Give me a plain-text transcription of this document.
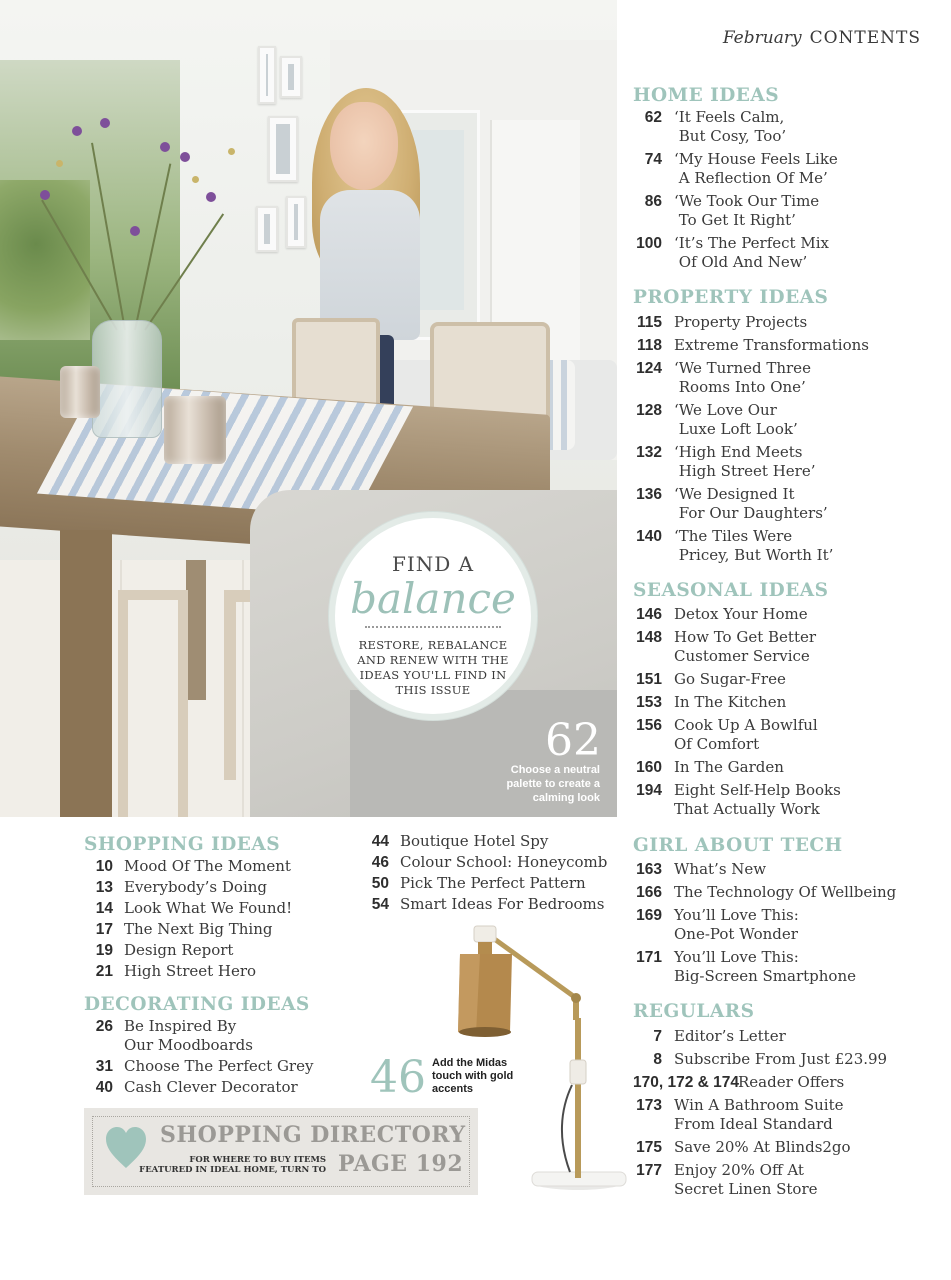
FIND A
balance
RESTORE, REBALANCE AND RENEW WITH THE IDEAS YOU'LL FIND IN THIS ISSUE
62
Choose a neutral palette to create a calming look
February CONTENTS
HOME IDEAS
62 ‘It Feels Calm,
But Cosy, Too’
74 ‘My House Feels Like
A Reflection Of Me’
86 ‘We Took Our Time
To Get It Right’
100 ‘It’s The Perfect Mix
Of Old And New’
PROPERTY IDEAS
115 Property Projects
118 Extreme Transformations
124 ‘We Turned Three
Rooms Into One’
128 ‘We Love Our
Luxe Loft Look’
132 ‘High End Meets
High Street Here’
136 ‘We Designed It
For Our Daughters’
140 ‘The Tiles Were
Pricey, But Worth It’
SEASONAL IDEAS
146 Detox Your Home
148 How To Get Better
Customer Service
151 Go Sugar-Free
153 In The Kitchen
156 Cook Up A Bowlful
Of Comfort
160 In The Garden
194 Eight Self-Help Books
That Actually Work
GIRL ABOUT TECH
163 What’s New
166 The Technology Of Wellbeing
169 You’ll Love This:
One-Pot Wonder
171 You’ll Love This:
Big-Screen Smartphone
REGULARS
7 Editor’s Letter
8 Subscribe From Just £23.99
170, 172 & 174
Reader Offers
173 Win A Bathroom Suite
From Ideal Standard
175 Save 20% At Blinds2go
177 Enjoy 20% Off At
Secret Linen Store
SHOPPING IDEAS
10 Mood Of The Moment
13 Everybody’s Doing
14 Look What We Found!
17 The Next Big Thing
19 Design Report
21 High Street Hero
44 Boutique Hotel Spy
46 Colour School: Honeycomb
50 Pick The Perfect Pattern
54 Smart Ideas For Bedrooms
DECORATING IDEAS
26 Be Inspired By
Our Moodboards
31 Choose The Perfect Grey
40 Cash Clever Decorator
SHOPPING DIRECTORY
FOR WHERE TO BUY ITEMS FEATURED IN IDEAL HOME, TURN TO PAGE 192
46 Add the Midas touch with gold accents
